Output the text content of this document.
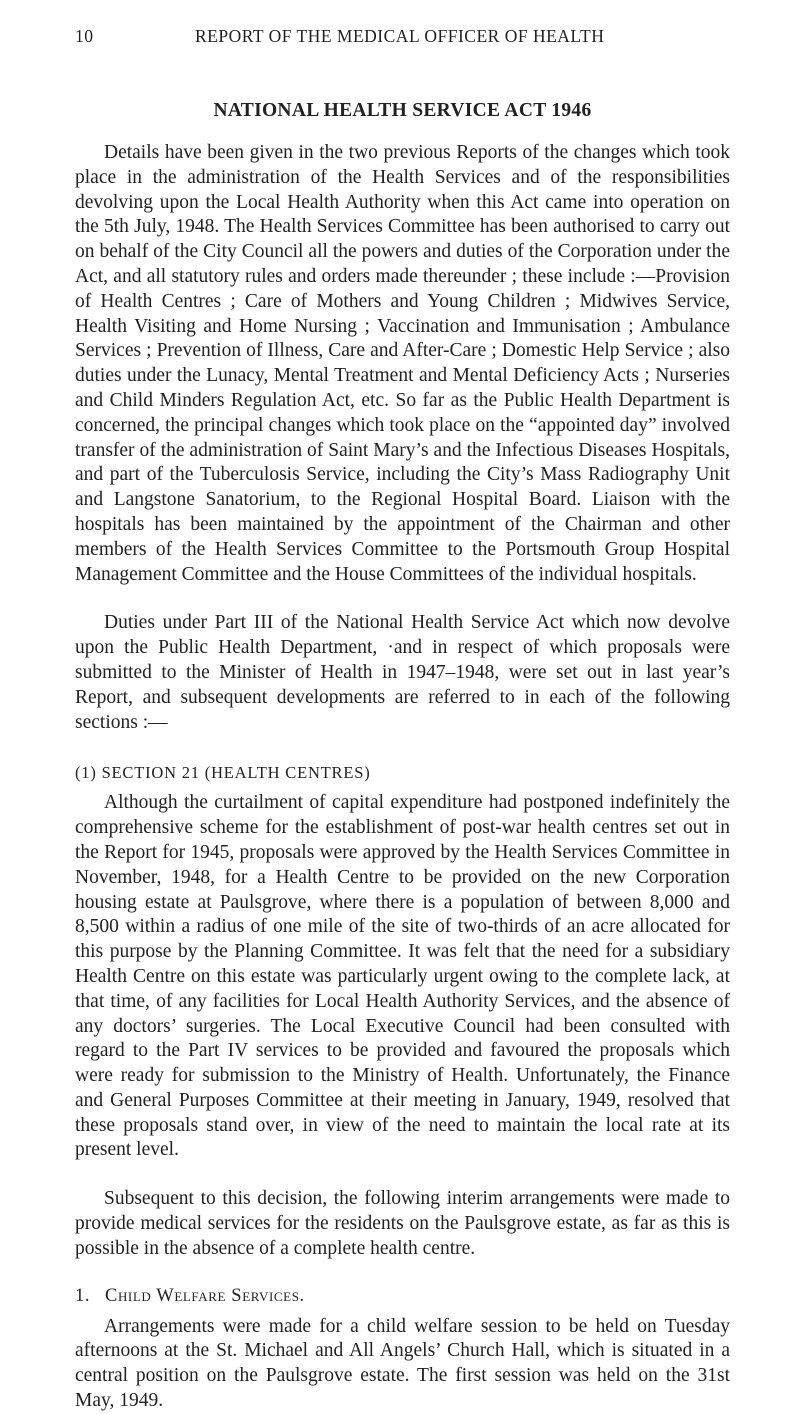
10	REPORT OF THE MEDICAL OFFICER OF HEALTH
NATIONAL HEALTH SERVICE ACT 1946

Details have been given in the two previous Reports of the changes which took place in the administration of the Health Services and of the responsibilities devolving upon the Local Health Authority when this Act came into operation on the 5th July, 1948. The Health Services Committee has been authorised to carry out on behalf of the City Council all the powers and duties of the Corporation under the Act, and all statutory rules and orders made thereunder ; these include :—Provision of Health Centres ; Care of Mothers and Young Children ; Midwives Service, Health Visiting and Home Nursing ; Vaccination and Immunisation ; Ambulance Services ; Prevention of Illness, Care and After-Care ; Domestic Help Service ; also duties under the Lunacy, Mental Treatment and Mental Deficiency Acts ; Nurseries and Child Minders Regulation Act, etc. So far as the Public Health Department is concerned, the principal changes which took place on the “appointed day” involved transfer of the administration of Saint Mary’s and the Infectious Diseases Hospitals, and part of the Tuberculosis Service, including the City’s Mass Radiography Unit and Langstone Sanatorium, to the Regional Hospital Board. Liaison with the hospitals has been maintained by the appointment of the Chairman and other members of the Health Services Committee to the Portsmouth Group Hospital Management Committee and the House Committees of the individual hospitals.

Duties under Part III of the National Health Service Act which now devolve upon the Public Health Department, ·and in respect of which proposals were submitted to the Minister of Health in 1947–1948, were set out in last year’s Report, and subsequent developments are referred to in each of the following sections :—

(1) SECTION 21 (HEALTH CENTRES)

Although the curtailment of capital expenditure had postponed indefinitely the comprehensive scheme for the establishment of post-war health centres set out in the Report for 1945, proposals were approved by the Health Services Committee in November, 1948, for a Health Centre to be provided on the new Corporation housing estate at Paulsgrove, where there is a population of between 8,000 and 8,500 within a radius of one mile of the site of two-thirds of an acre allocated for this purpose by the Planning Committee. It was felt that the need for a subsidiary Health Centre on this estate was particularly urgent owing to the complete lack, at that time, of any facilities for Local Health Authority Services, and the absence of any doctors’ surgeries. The Local Executive Council had been consulted with regard to the Part IV services to be provided and favoured the proposals which were ready for submission to the Ministry of Health. Unfortunately, the Finance and General Purposes Committee at their meeting in January, 1949, resolved that these proposals stand over, in view of the need to maintain the local rate at its present level.

Subsequent to this decision, the following interim arrangements were made to provide medical services for the residents on the Paulsgrove estate, as far as this is possible in the absence of a complete health centre.

1. Child Welfare Services.

Arrangements were made for a child welfare session to be held on Tuesday afternoons at the St. Michael and All Angels’ Church Hall, which is situated in a central position on the Paulsgrove estate. The first session was held on the 31st May, 1949.
